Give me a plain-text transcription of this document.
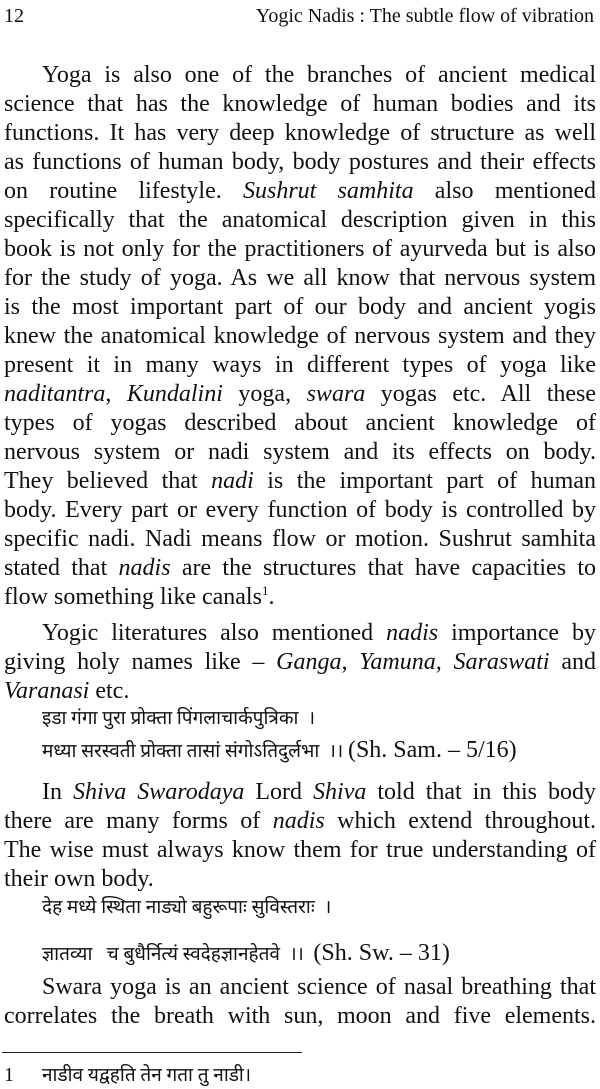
12	Yogic Nadis : The subtle flow of vibration
Yoga is also one of the branches of ancient medical
science that has the knowledge of human bodies and its
functions. It has very deep knowledge of structure as well
as functions of human body, body postures and their effects
on routine lifestyle. Sushrut samhita also mentioned
specifically that the anatomical description given in this
book is not only for the practitioners of ayurveda but is also
for the study of yoga. As we all know that nervous system
is the most important part of our body and ancient yogis
knew the anatomical knowledge of nervous system and they
present it in many ways in different types of yoga like
naditantra, Kundalini yoga, swara yogas etc. All these
types of yogas described about ancient knowledge of
nervous system or nadi system and its effects on body.
They believed that nadi is the important part of human
body. Every part or every function of body is controlled by
specific nadi. Nadi means flow or motion. Sushrut samhita
stated that nadis are the structures that have capacities to
flow something like canals$^1$.
Yogic literatures also mentioned nadis importance by
giving holy names like – Ganga, Yamuna, Saraswati and
Varanasi etc.
इडा गंगा पुरा प्रोक्ता पिंगलाचार्कपुत्रिका  ।
मध्या सरस्वती प्रोक्ता तासां संगोऽतिदुर्लभा  ।। (Sh. Sam. – 5/16)
In Shiva Swarodaya Lord Shiva told that in this body
there are many forms of nadis which extend throughout.
The wise must always know them for true understanding of
their own body.
देह मध्ये स्थिता नाड्यो बहुरूपाः सुविस्तराः  ।
ज्ञातव्या   च बुधैर्नित्यं स्वदेहज्ञानहेतवे  ।।  (Sh. Sw. – 31)
Swara yoga is an ancient science of nasal breathing that
correlates the breath with sun, moon and five elements.
1 नाडीव यद्वहति तेन गता तु नाडी।
